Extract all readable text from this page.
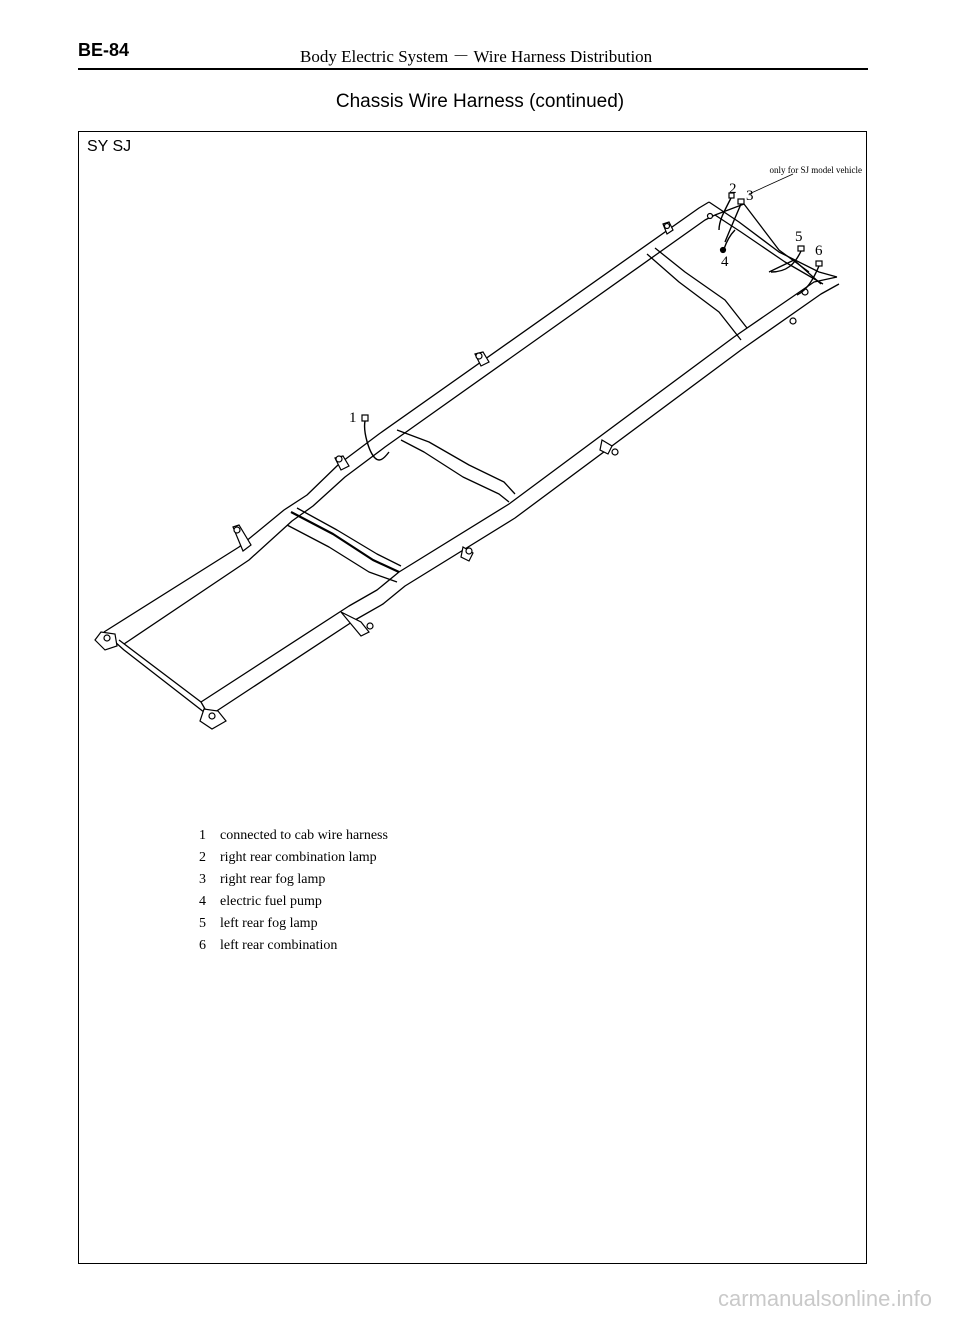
BE-84	Body Electric System － Wire Harness Distribution
Chassis Wire Harness (continued)
SY SJ
only for SJ model vehicle
1
2 3
4
5
6
1	connected to cab wire harness
2	right rear combination lamp
3	right rear fog lamp
4	electric fuel pump
5	left rear fog lamp
6	left rear combination
carmanualsonline.info
